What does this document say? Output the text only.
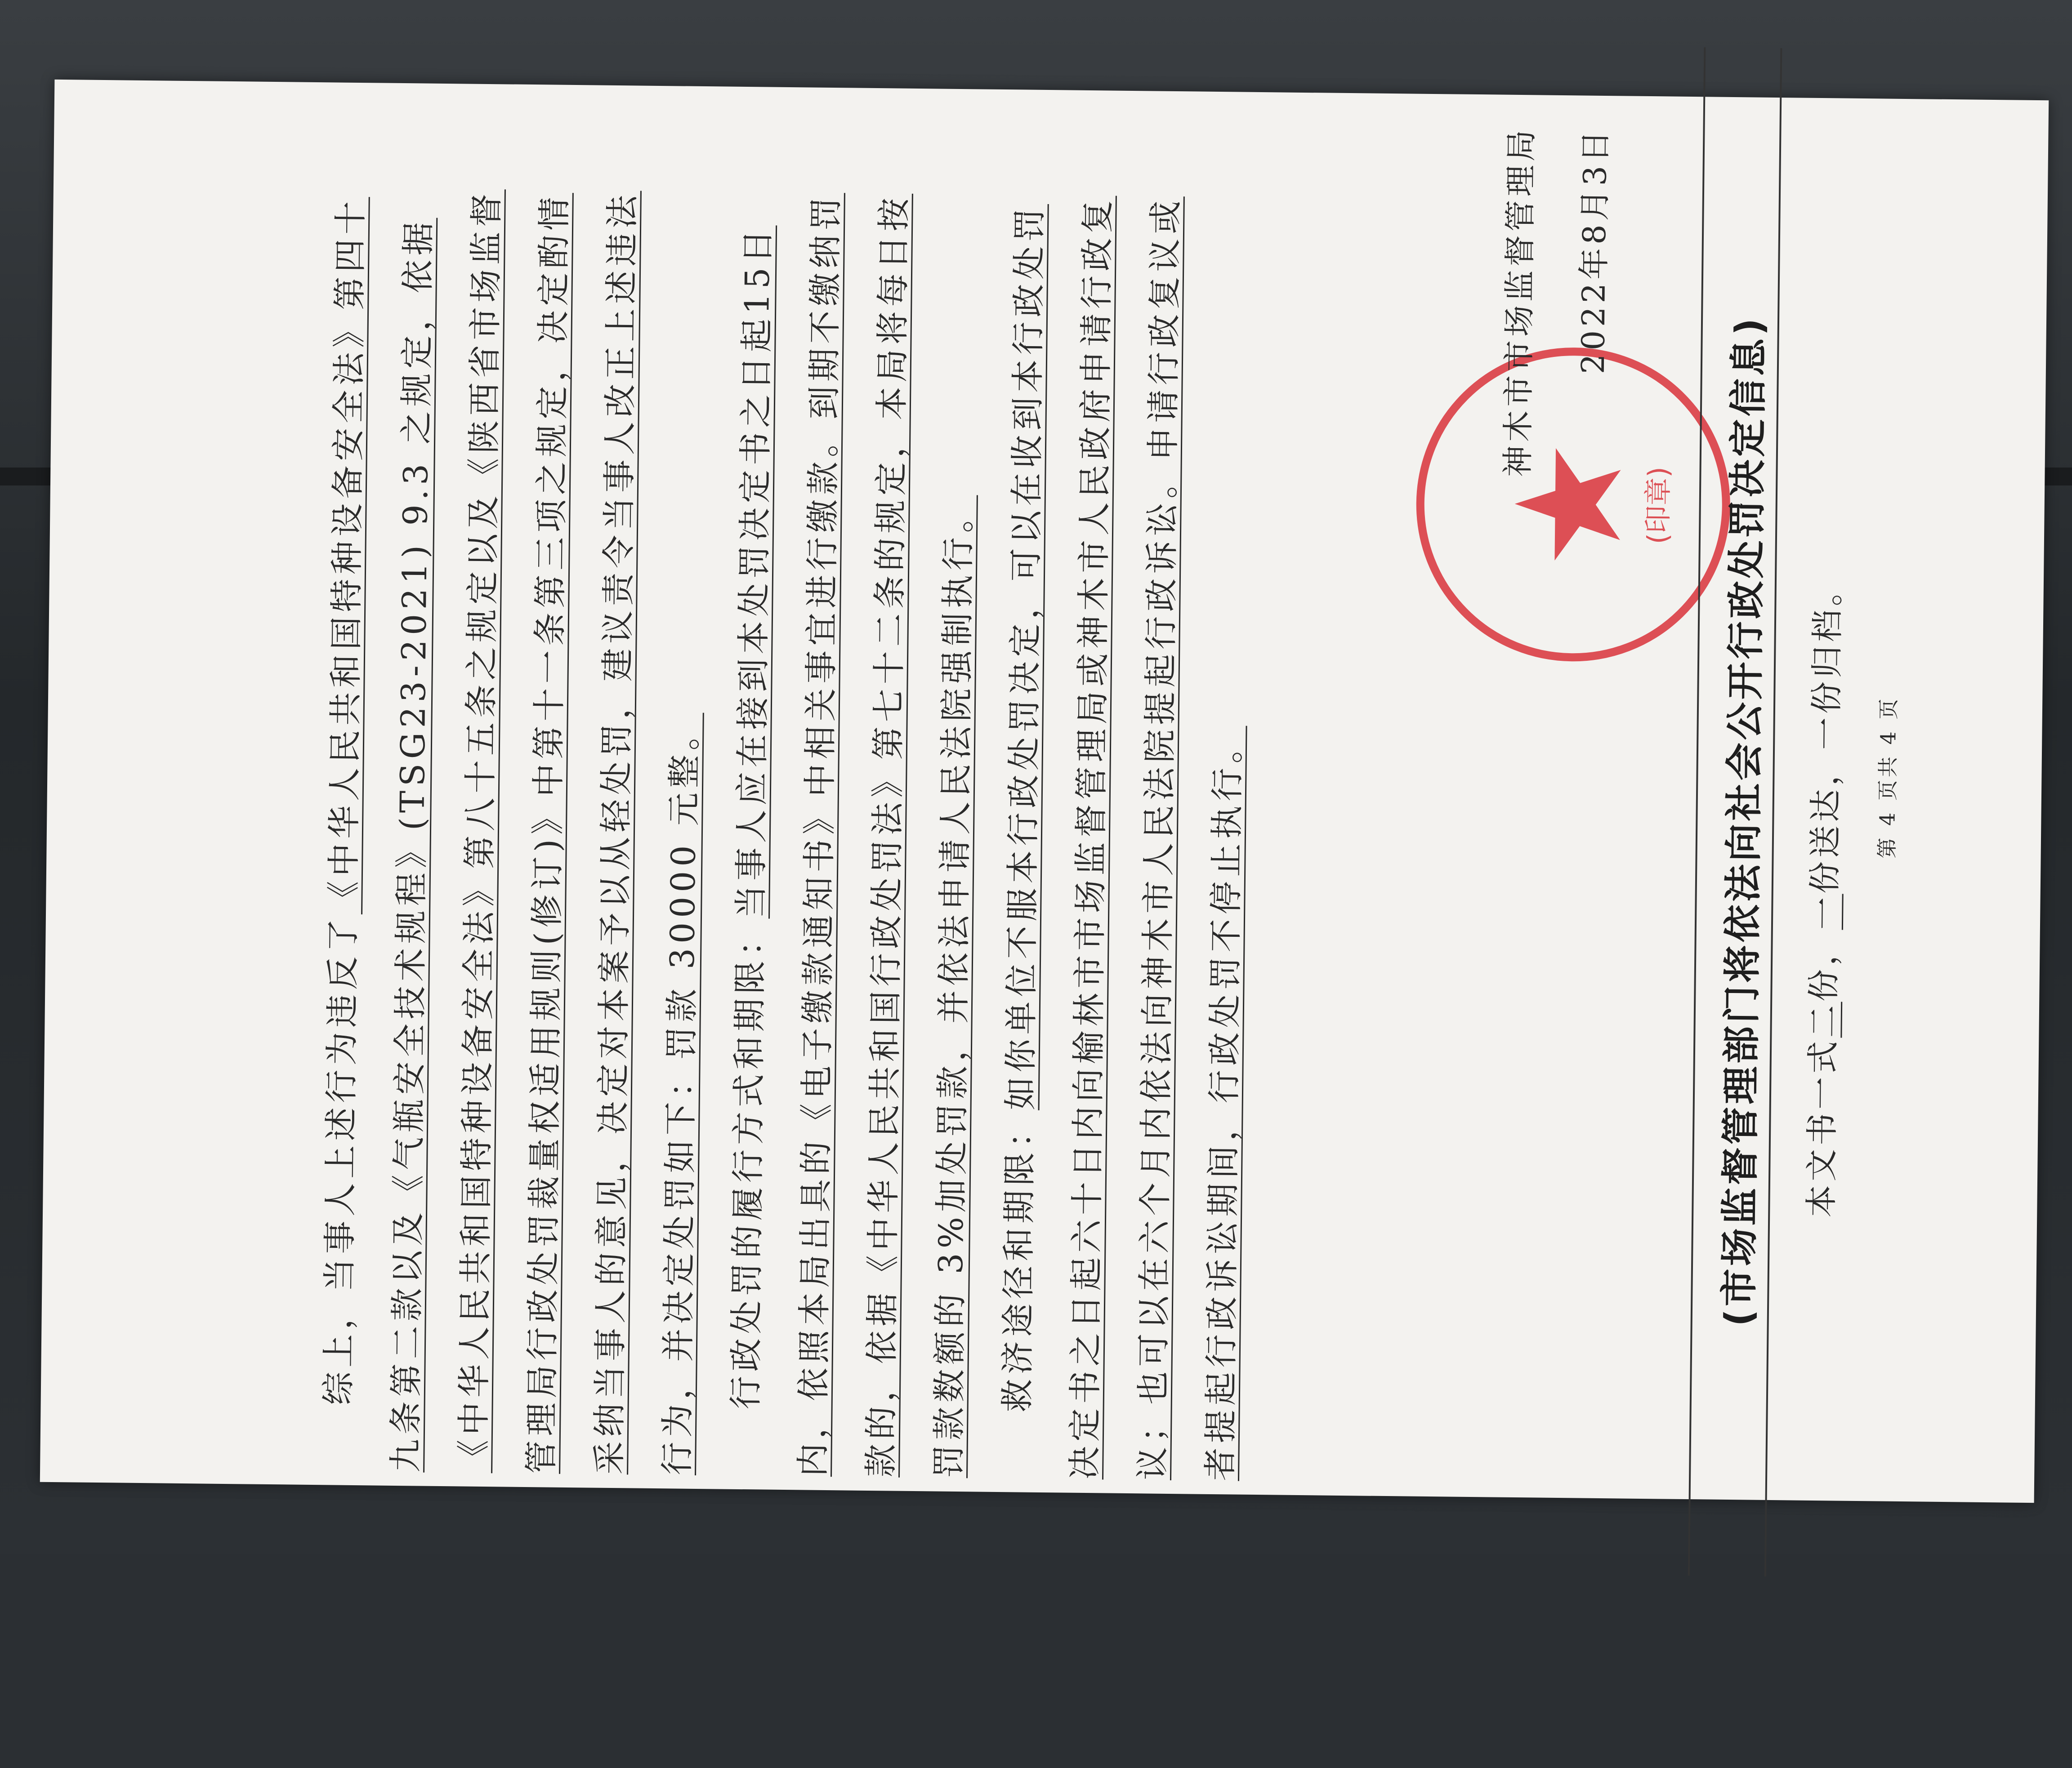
综上，当事人上述行为违反了《中华人民共和国特种设备安全法》第四十九条第二款以及《气瓶安全技术规程》(TSG23-2021) 9.3 之规定，依据《中华人民共和国特种设备安全法》第八十五条之规定以及《陕西省市场监督管理局行政处罚裁量权适用规则(修订)》中第十一条第三项之规定，决定酌情采纳当事人的意见，决定对本案予以从轻处罚，建议责令当事人改正上述违法行为，并决定处罚如下：罚款 30000 元整。 行政处罚的履行方式和期限：当事人应在接到本处罚决定书之日起15日内，依照本局出具的《电子缴款通知书》中相关事宜进行缴款。到期不缴纳罚款的，依据《中华人民共和国行政处罚法》第七十二条的规定，本局将每日按罚款数额的 3%加处罚款，并依法申请人民法院强制执行。 救济途径和期限：如你单位不服本行政处罚决定，可以在收到本行政处罚决定书之日起六十日内向榆林市市场监督管理局或神木市人民政府申请行政复议；也可以在六个月内依法向神木市人民法院提起行政诉讼。申请行政复议或者提起行政诉讼期间，行政处罚不停止执行。

(印章)
神木市市场监督管理局 2022年8月3日
(市场监督管理部门将依法向社会公开行政处罚决定信息) 本文书一式二份，一份送达，一份归档。 第 4 页共 4 页
